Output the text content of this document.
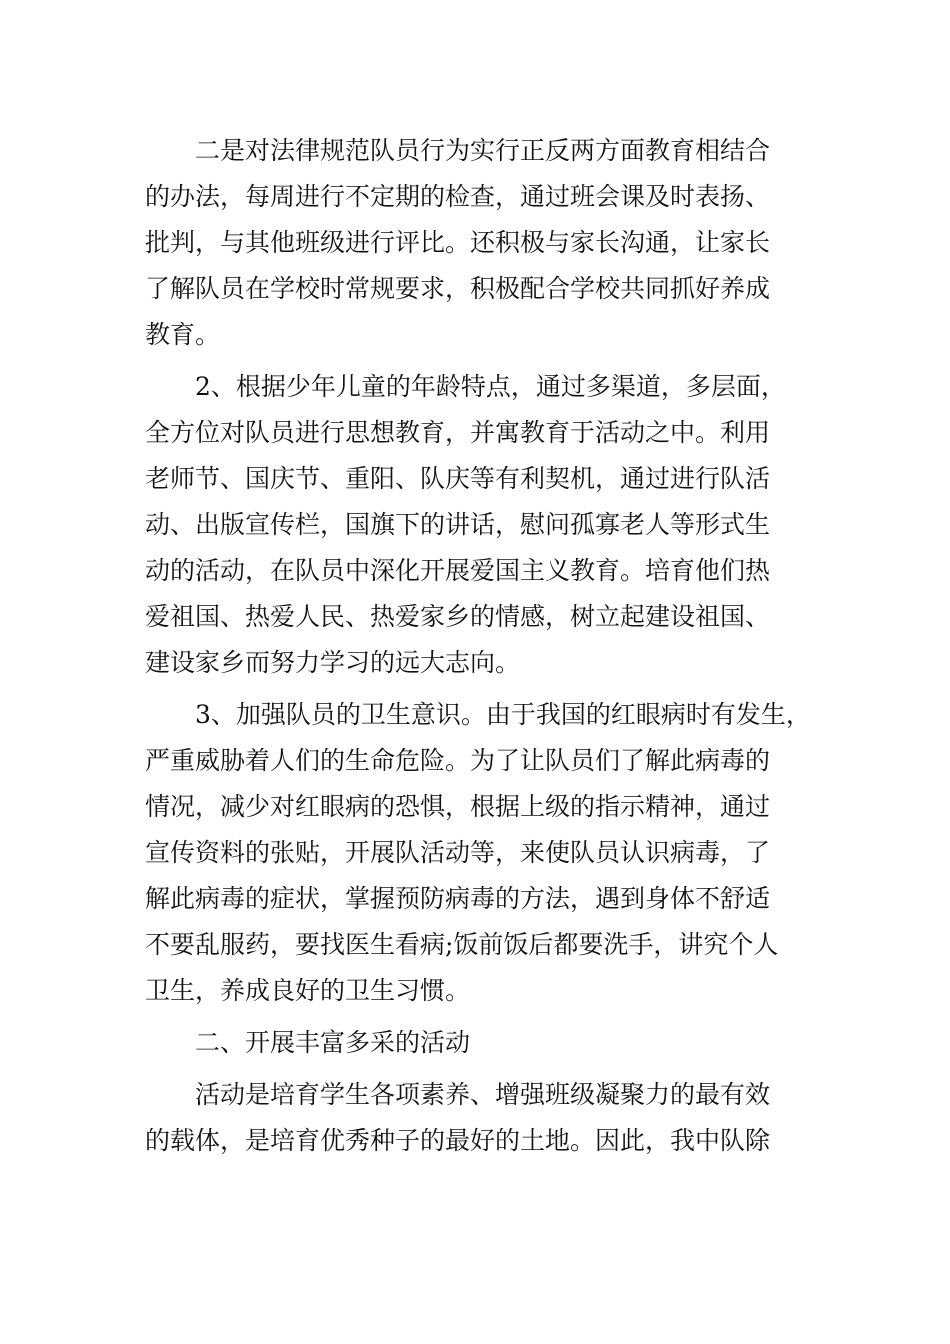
　　二是对法律规范队员行为实行正反两方面教育相结合
的办法，每周进行不定期的检查，通过班会课及时表扬、
批判，与其他班级进行评比。还积极与家长沟通，让家长
了解队员在学校时常规要求，积极配合学校共同抓好养成
教育。
　　2、根据少年儿童的年龄特点，通过多渠道，多层面，
全方位对队员进行思想教育，并寓教育于活动之中。利用
老师节、国庆节、重阳、队庆等有利契机，通过进行队活
动、出版宣传栏，国旗下的讲话，慰问孤寡老人等形式生
动的活动，在队员中深化开展爱国主义教育。培育他们热
爱祖国、热爱人民、热爱家乡的情感，树立起建设祖国、
建设家乡而努力学习的远大志向。
　　3、加强队员的卫生意识。由于我国的红眼病时有发生，
严重威胁着人们的生命危险。为了让队员们了解此病毒的
情况，减少对红眼病的恐惧，根据上级的指示精神，通过
宣传资料的张贴，开展队活动等，来使队员认识病毒，了
解此病毒的症状，掌握预防病毒的方法，遇到身体不舒适
不要乱服药，要找医生看病;饭前饭后都要洗手，讲究个人
卫生，养成良好的卫生习惯。
　　二、开展丰富多采的活动
　　活动是培育学生各项素养、增强班级凝聚力的最有效
的载体，是培育优秀种子的最好的土地。因此，我中队除
